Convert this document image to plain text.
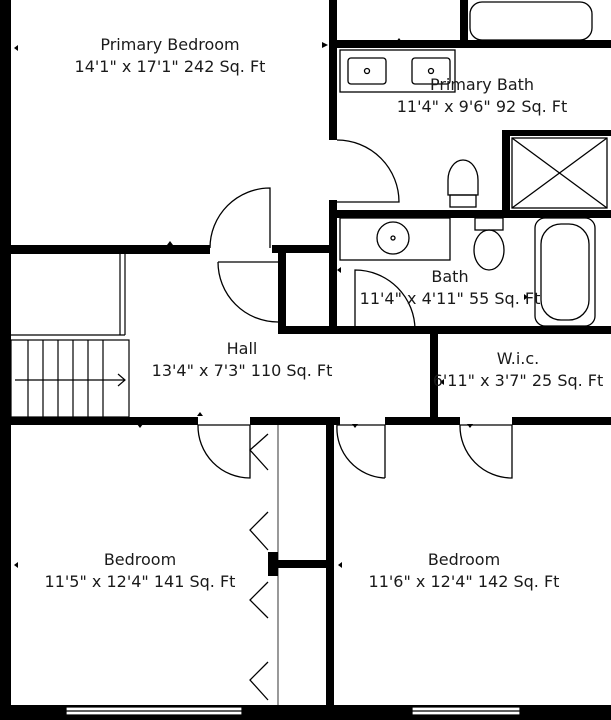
Primary Bedroom
14'1" x 17'1" 242 Sq. Ft
Primary Bath
11'4" x 9'6" 92 Sq. Ft
Bath
11'4" x 4'11" 55 Sq. Ft
Hall
13'4" x 7'3" 110 Sq. Ft
W.i.c.
6'11" x 3'7" 25 Sq. Ft
Bedroom
11'5" x 12'4" 141 Sq. Ft
Bedroom
11'6" x 12'4" 142 Sq. Ft
